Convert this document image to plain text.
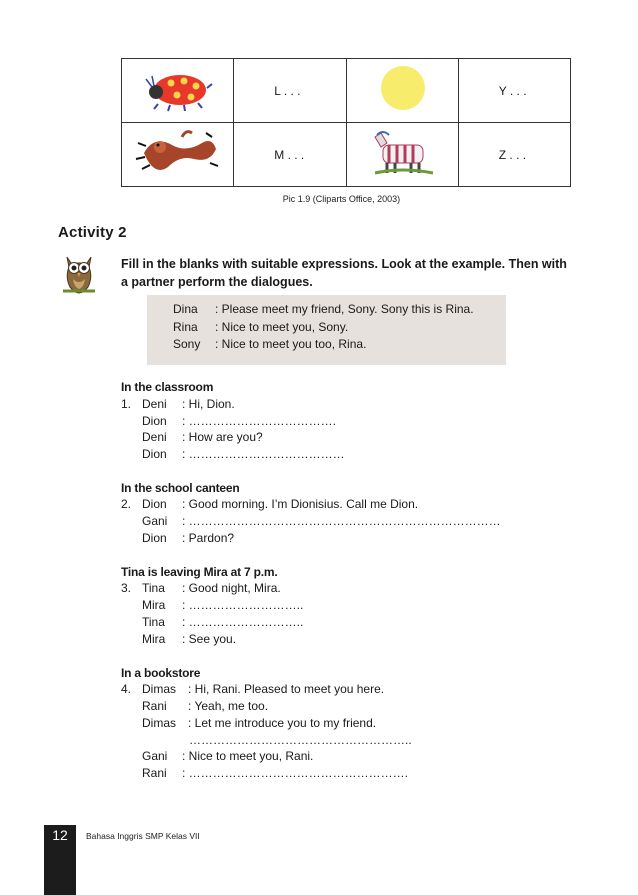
	L . . .		Y . . .
	M . . .		Z . . .
Pic 1.9 (Cliparts Office, 2003)
Activity 2
Fill in the blanks with suitable expressions. Look at the example. Then with a partner perform the dialogues.
Dina : Please meet my friend, Sony. Sony this is Rina.
Rina : Nice to meet you, Sony.
Sony : Nice to meet you too, Rina.
In the classroom
1. Deni : Hi, Dion.
Dion : ……………………………….
Deni : How are you?
Dion : …………………………………
In the school canteen
2. Dion : Good morning. I’m Dionisius. Call me Dion.
Gani : ……………………………………………………………………
Dion : Pardon?
Tina is leaving Mira at 7 p.m.
3. Tina : Good night, Mira.
Mira : ………………………..
Tina : ………………………..
Mira : See you.
In a bookstore
4. Dimas : Hi, Rani. Pleased to meet you here.
Rani : Yeah, me too.
Dimas : Let me introduce you to my friend.
………………………………………………..
Gani : Nice to meet you, Rani.
Rani : ……………………………………………….
12	Bahasa Inggris SMP Kelas VII
